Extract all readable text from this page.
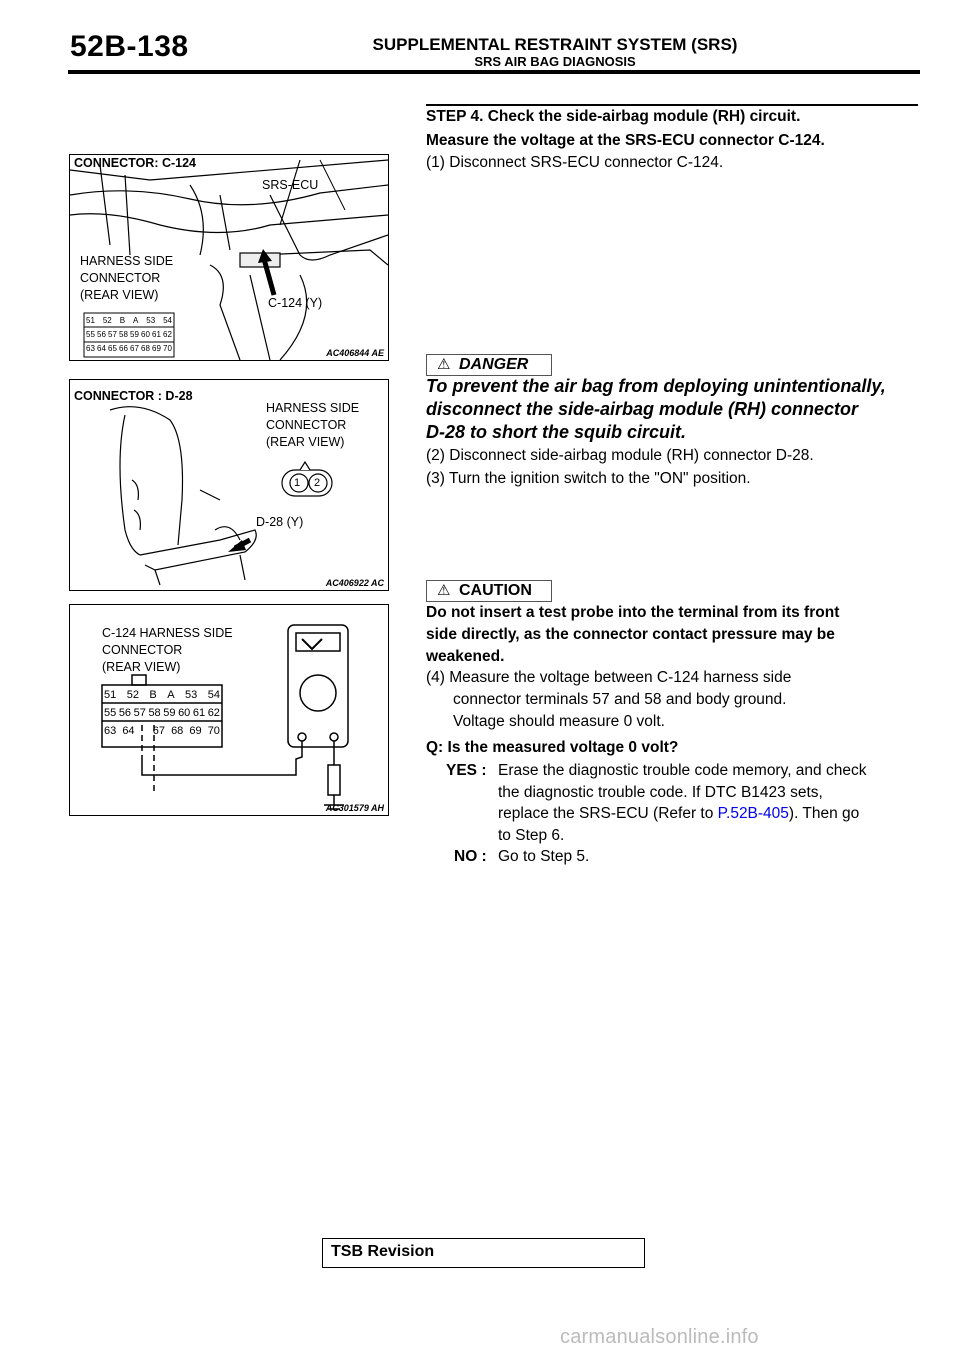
52B-138	SUPPLEMENTAL RESTRAINT SYSTEM (SRS)
SRS AIR BAG DIAGNOSIS
CONNECTOR: C-124
SRS-ECU
HARNESS SIDE
CONNECTOR
(REAR VIEW)
C-124 (Y)
51 52 B A 53 54
55 56 57 58 59 60 61 62
63 64 65 66 67 68 69 70	AC406844 AE
CONNECTOR : D-28
HARNESS SIDE
CONNECTOR
(REAR VIEW)
1 2
D-28 (Y)
AC406922 AC
C-124 HARNESS SIDE
CONNECTOR
(REAR VIEW)
51 52 B A 53 54
55 56 57 58 59 60 61 62
63 64 67 68 69 70
AC301579 AH
STEP 4. Check the side-airbag module (RH) circuit.
Measure the voltage at the SRS-ECU connector C-124.
(1) Disconnect SRS-ECU connector C-124.
⚠ DANGER
To prevent the air bag from deploying unintentionally,
disconnect the side-airbag module (RH) connector
D-28 to short the squib circuit.
(2) Disconnect side-airbag module (RH) connector D-28.
(3) Turn the ignition switch to the "ON" position.
⚠ CAUTION
Do not insert a test probe into the terminal from its front
side directly, as the connector contact pressure may be
weakened.
(4) Measure the voltage between C-124 harness side
connector terminals 57 and 58 and body ground.
Voltage should measure 0 volt.
Q: Is the measured voltage 0 volt?
YES : Erase the diagnostic trouble code memory, and check
the diagnostic trouble code. If DTC B1423 sets,
replace the SRS-ECU (Refer to P.52B-405). Then go
to Step 6.
NO : Go to Step 5.
TSB Revision
carmanualsonline.info
